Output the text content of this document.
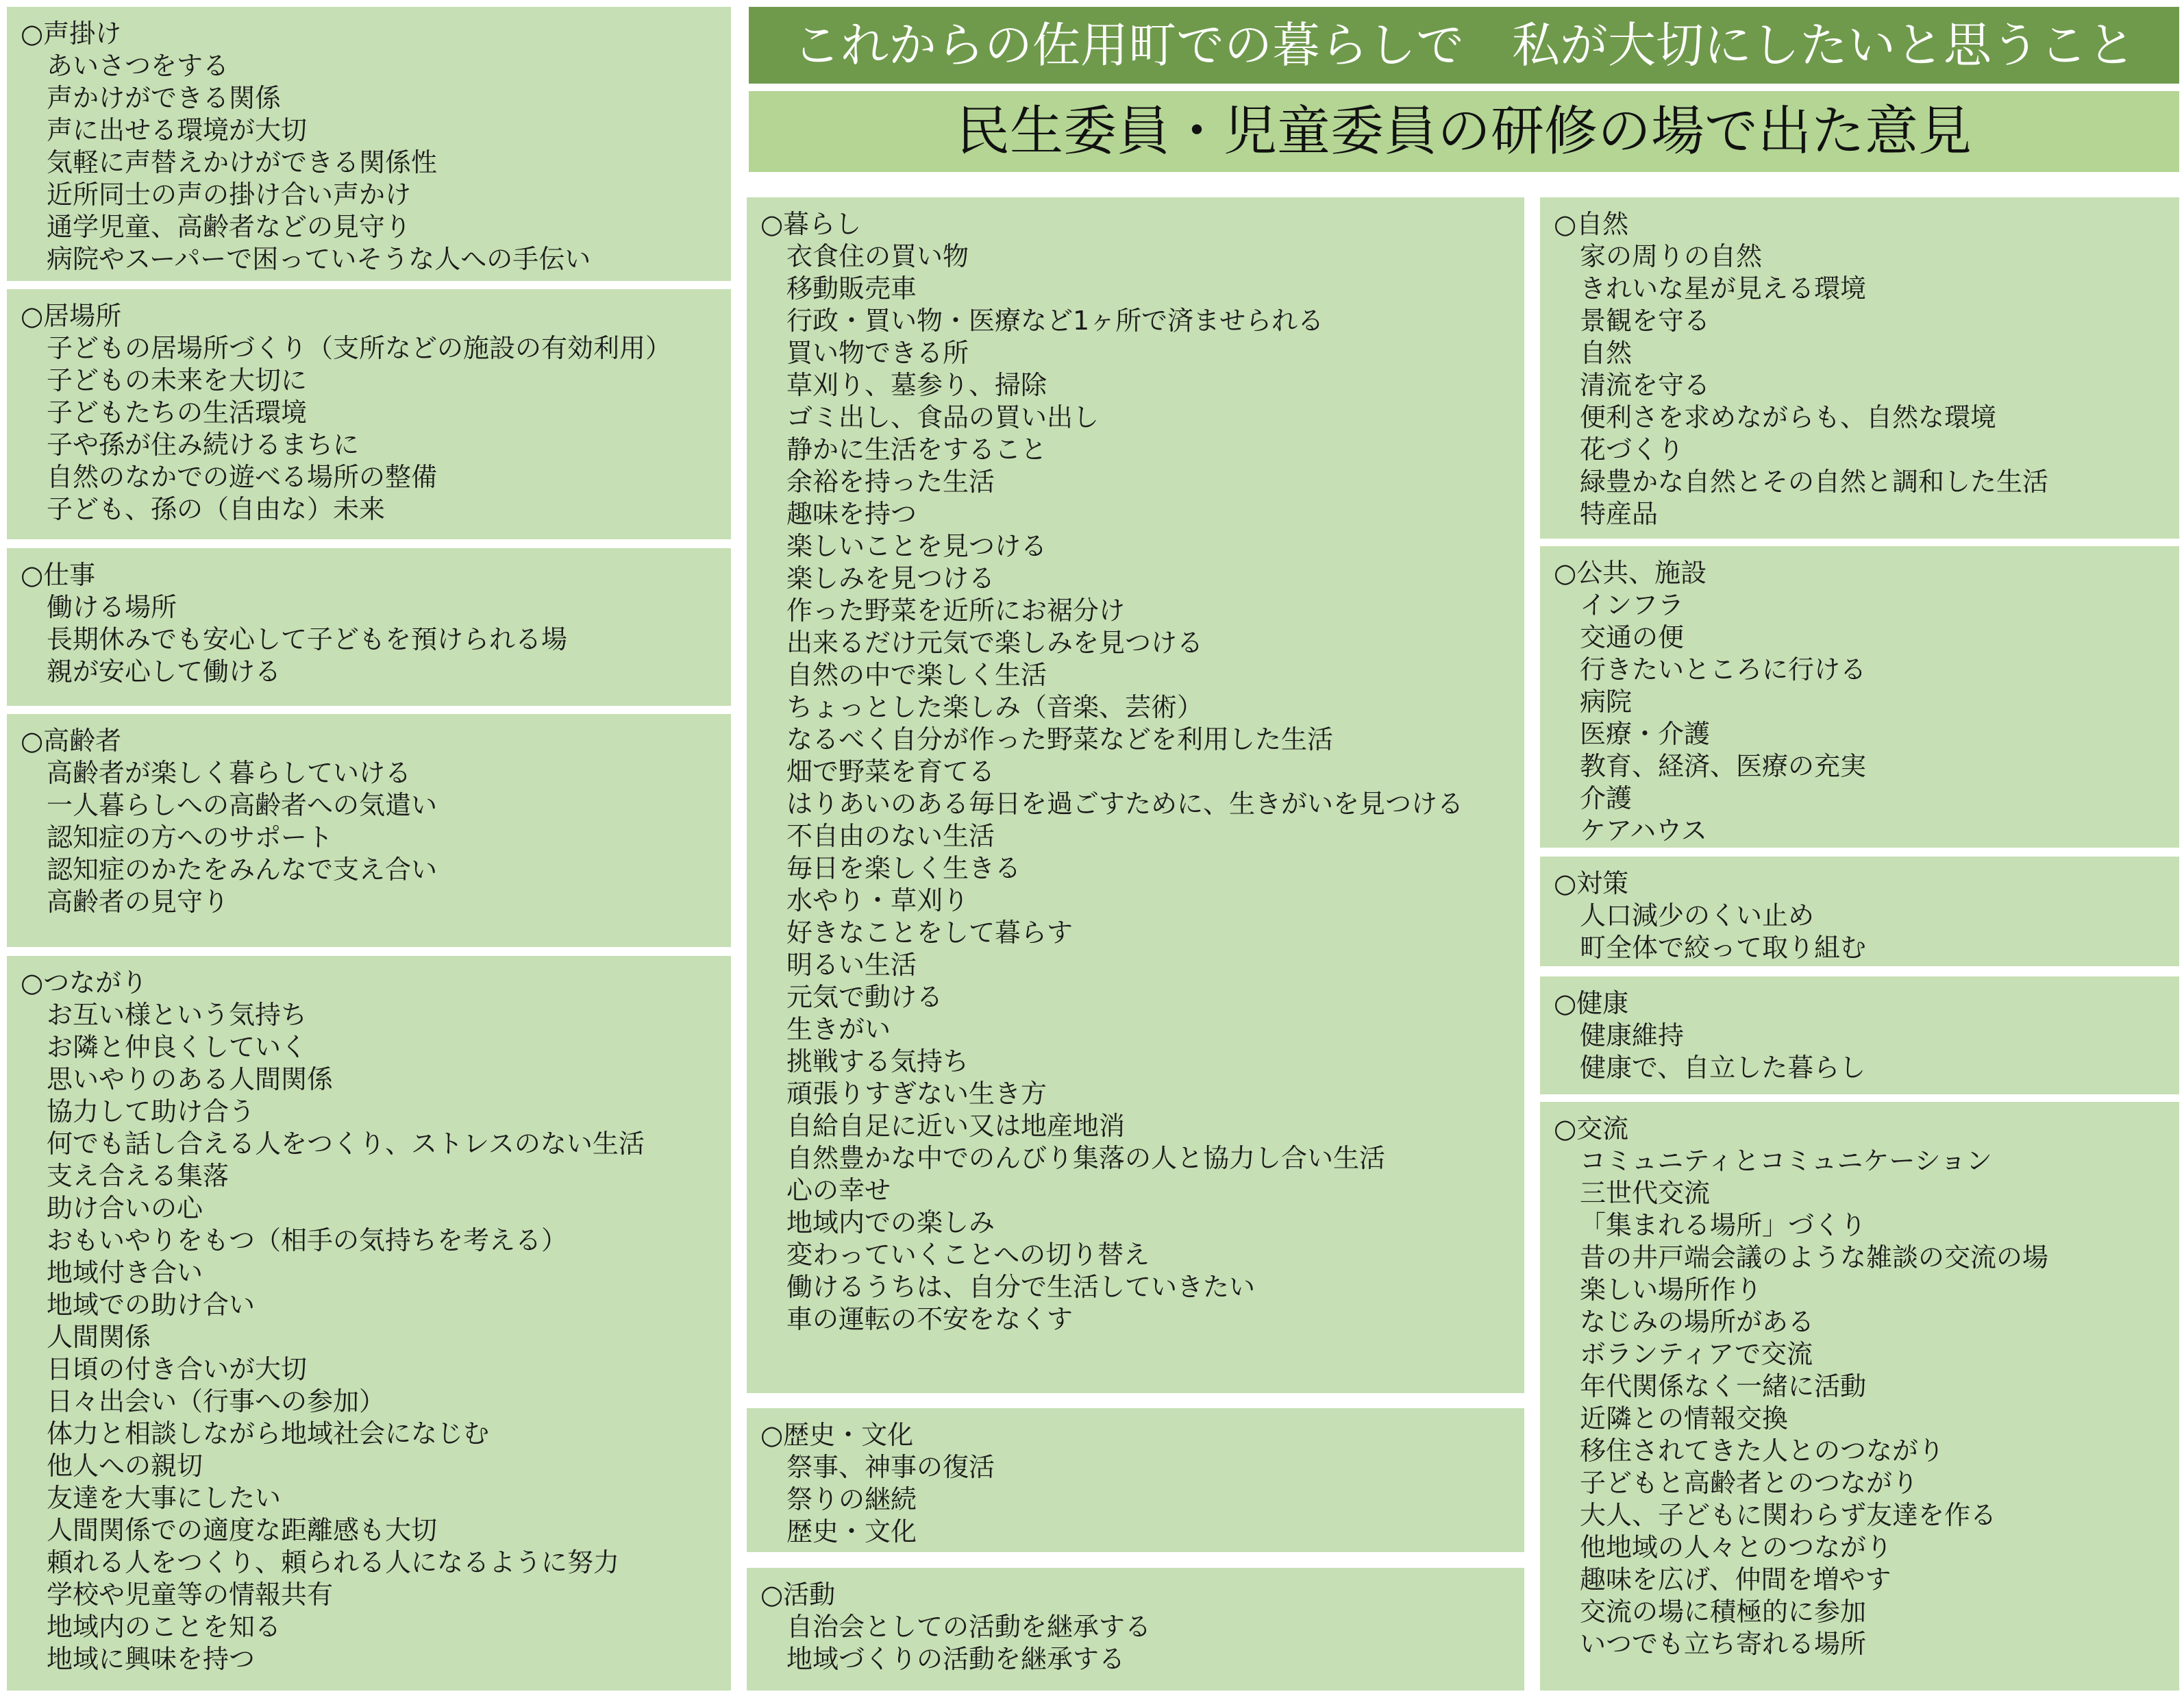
これからの佐用町での暮らしで　私が大切にしたいと思うこと
民生委員・児童委員の研修の場で出た意見
○声掛け
あいさつをする
声かけができる関係
声に出せる環境が大切
気軽に声替えかけができる関係性
近所同士の声の掛け合い声かけ
通学児童、高齢者などの見守り
病院やスーパーで困っていそうな人への手伝い
○居場所
子どもの居場所づくり（支所などの施設の有効利用）
子どもの未来を大切に
子どもたちの生活環境
子や孫が住み続けるまちに
自然のなかでの遊べる場所の整備
子ども、孫の（自由な）未来
○仕事
働ける場所
長期休みでも安心して子どもを預けられる場
親が安心して働ける
○高齢者
高齢者が楽しく暮らしていける
一人暮らしへの高齢者への気遣い
認知症の方へのサポート
認知症のかたをみんなで支え合い
高齢者の見守り
○つながり
お互い様という気持ち
お隣と仲良くしていく
思いやりのある人間関係
協力して助け合う
何でも話し合える人をつくり、ストレスのない生活
支え合える集落
助け合いの心
おもいやりをもつ（相手の気持ちを考える）
地域付き合い
地域での助け合い
人間関係
日頃の付き合いが大切
日々出会い（行事への参加）
体力と相談しながら地域社会になじむ
他人への親切
友達を大事にしたい
人間関係での適度な距離感も大切
頼れる人をつくり、頼られる人になるように努力
学校や児童等の情報共有
地域内のことを知る
地域に興味を持つ
○暮らし
衣食住の買い物
移動販売車
行政・買い物・医療など1ヶ所で済ませられる
買い物できる所
草刈り、墓参り、掃除
ゴミ出し、食品の買い出し
静かに生活をすること
余裕を持った生活
趣味を持つ
楽しいことを見つける
楽しみを見つける
作った野菜を近所にお裾分け
出来るだけ元気で楽しみを見つける
自然の中で楽しく生活
ちょっとした楽しみ（音楽、芸術）
なるべく自分が作った野菜などを利用した生活
畑で野菜を育てる
はりあいのある毎日を過ごすために、生きがいを見つける
不自由のない生活
毎日を楽しく生きる
水やり・草刈り
好きなことをして暮らす
明るい生活
元気で動ける
生きがい
挑戦する気持ち
頑張りすぎない生き方
自給自足に近い又は地産地消
自然豊かな中でのんびり集落の人と協力し合い生活
心の幸せ
地域内での楽しみ
変わっていくことへの切り替え
働けるうちは、自分で生活していきたい
車の運転の不安をなくす
○歴史・文化
祭事、神事の復活
祭りの継続
歴史・文化
○活動
自治会としての活動を継承する
地域づくりの活動を継承する
○自然
家の周りの自然
きれいな星が見える環境
景観を守る
自然
清流を守る
便利さを求めながらも、自然な環境
花づくり
緑豊かな自然とその自然と調和した生活
特産品
○公共、施設
インフラ
交通の便
行きたいところに行ける
病院
医療・介護
教育、経済、医療の充実
介護
ケアハウス
○対策
人口減少のくい止め
町全体で絞って取り組む
○健康
健康維持
健康で、自立した暮らし
○交流
コミュニティとコミュニケーション
三世代交流
「集まれる場所」づくり
昔の井戸端会議のような雑談の交流の場
楽しい場所作り
なじみの場所がある
ボランティアで交流
年代関係なく一緒に活動
近隣との情報交換
移住されてきた人とのつながり
子どもと高齢者とのつながり
大人、子どもに関わらず友達を作る
他地域の人々とのつながり
趣味を広げ、仲間を増やす
交流の場に積極的に参加
いつでも立ち寄れる場所
